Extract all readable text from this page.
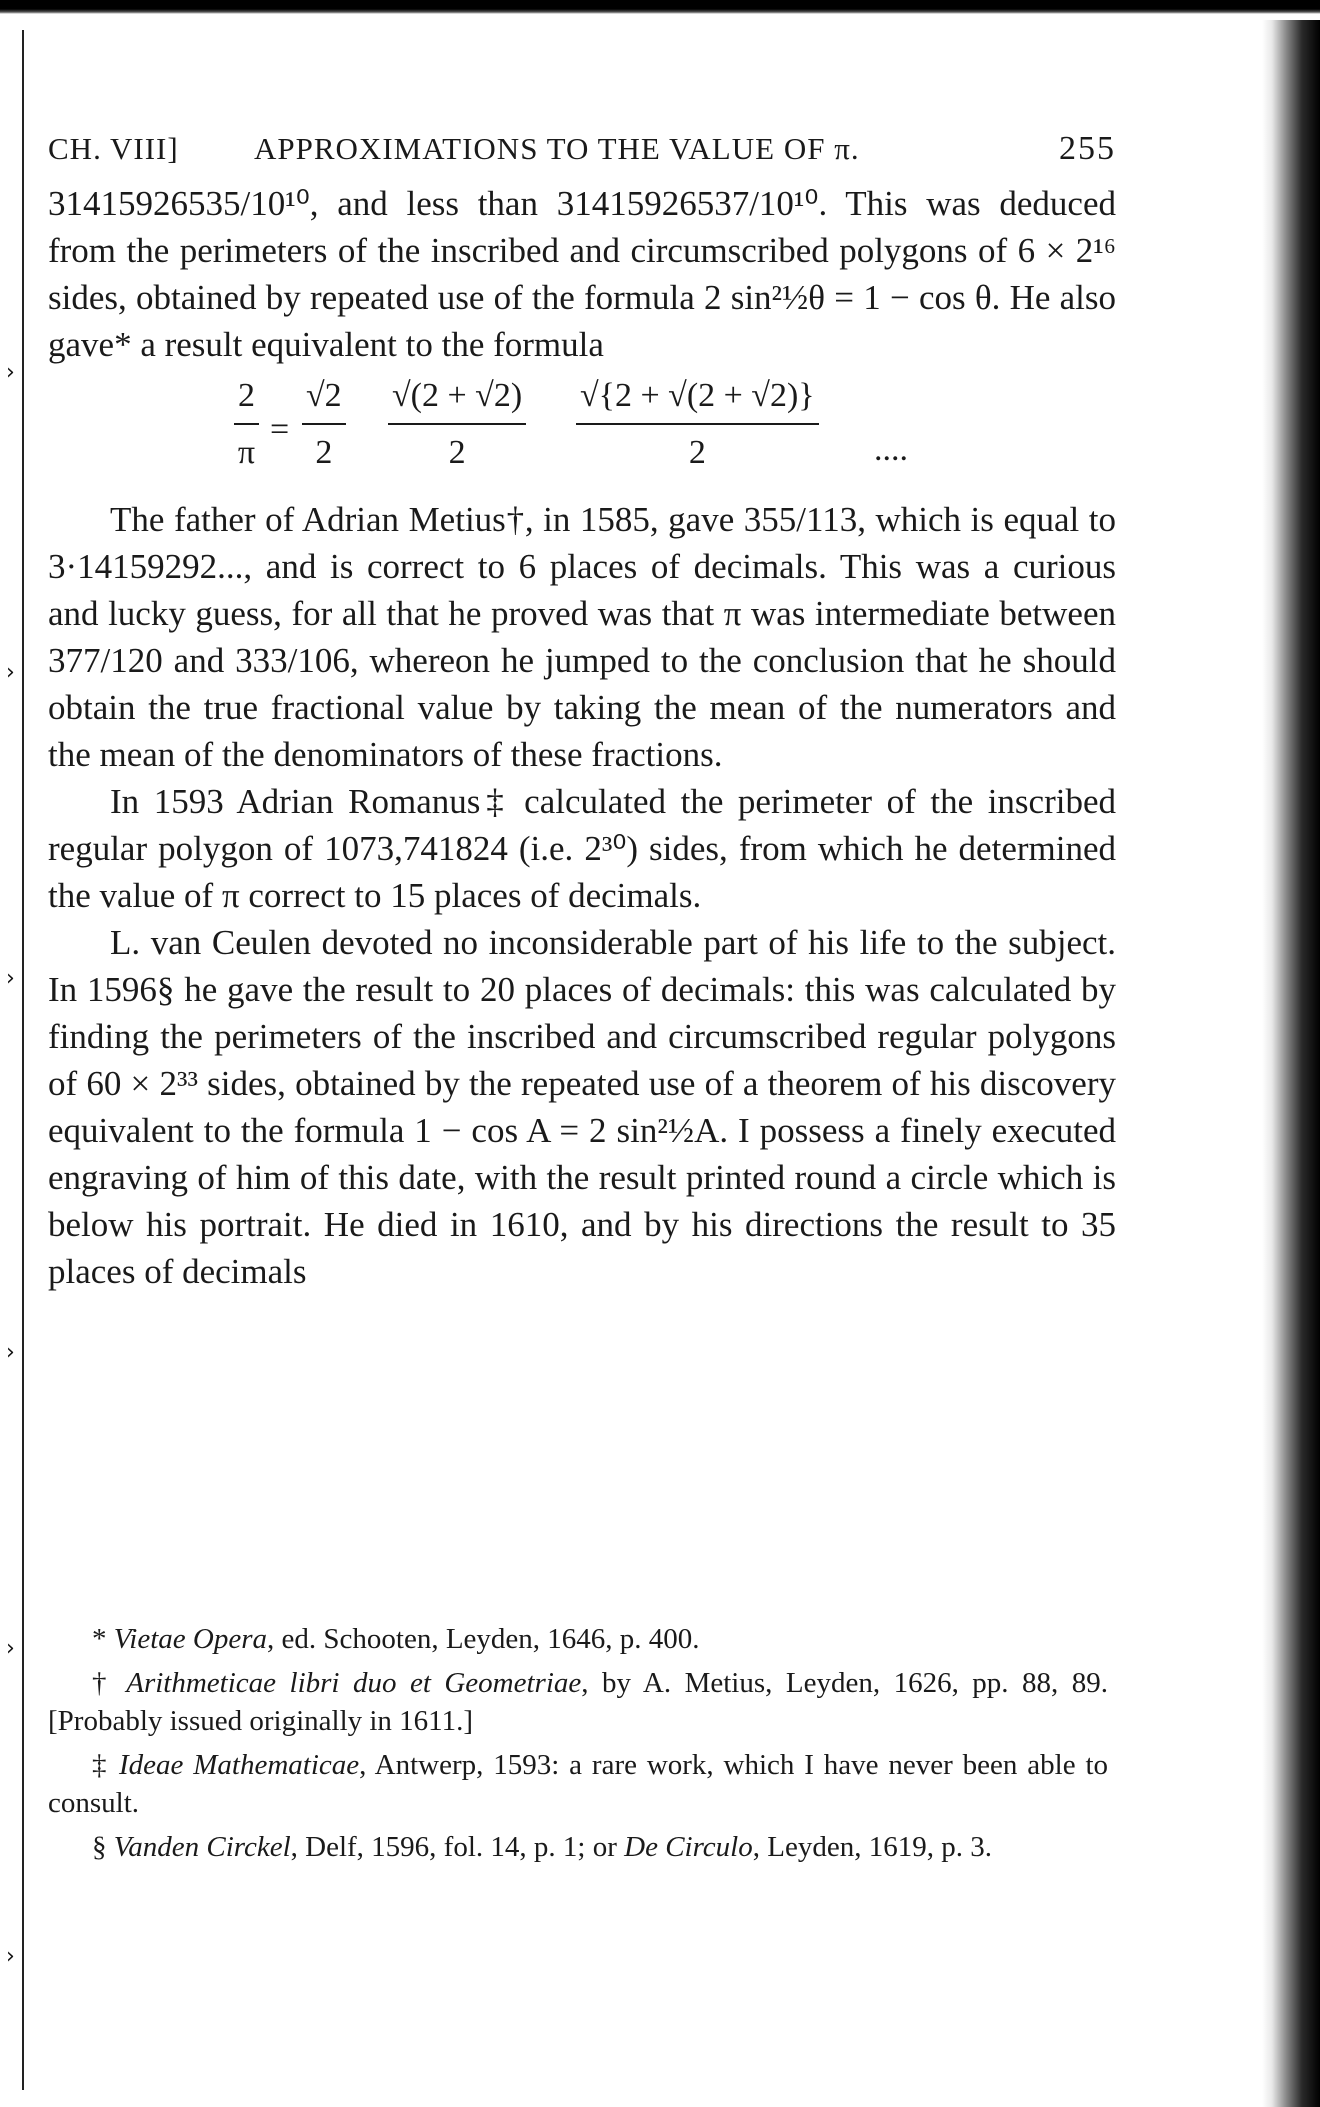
›
›
›
›
›
›
CH. VIII]	APPROXIMATIONS TO THE VALUE OF π.	255

31415926535/10¹⁰, and less than 31415926537/10¹⁰. This was deduced from the perimeters of the inscribed and circumscribed polygons of 6 × 2¹⁶ sides, obtained by repeated use of the formula 2 sin²½θ = 1 − cos θ. He also gave* a result equivalent to the formula

$\frac{2}{\pi} = \frac{√2}{2} \frac{√(2 + √2)}{2} \frac{√\{2 + √(2 + √2)\}}{2}$ ....

The father of Adrian Metius†, in 1585, gave 355/113, which is equal to 3·14159292..., and is correct to 6 places of decimals. This was a curious and lucky guess, for all that he proved was that π was intermediate between 377/120 and 333/106, whereon he jumped to the conclusion that he should obtain the true fractional value by taking the mean of the numerators and the mean of the denominators of these fractions.

In 1593 Adrian Romanus‡ calculated the perimeter of the inscribed regular polygon of 1073,741824 (i.e. 2³⁰) sides, from which he determined the value of π correct to 15 places of decimals.

L. van Ceulen devoted no inconsiderable part of his life to the subject. In 1596§ he gave the result to 20 places of decimals: this was calculated by finding the perimeters of the inscribed and circumscribed regular polygons of 60 × 2³³ sides, obtained by the repeated use of a theorem of his discovery equivalent to the formula 1 − cos A = 2 sin²½A. I possess a finely executed engraving of him of this date, with the result printed round a circle which is below his portrait. He died in 1610, and by his directions the result to 35 places of decimals

* Vietae Opera, ed. Schooten, Leyden, 1646, p. 400.

† Arithmeticae libri duo et Geometriae, by A. Metius, Leyden, 1626, pp. 88, 89. [Probably issued originally in 1611.]

‡ Ideae Mathematicae, Antwerp, 1593: a rare work, which I have never been able to consult.

§ Vanden Circkel, Delf, 1596, fol. 14, p. 1; or De Circulo, Leyden, 1619, p. 3.
